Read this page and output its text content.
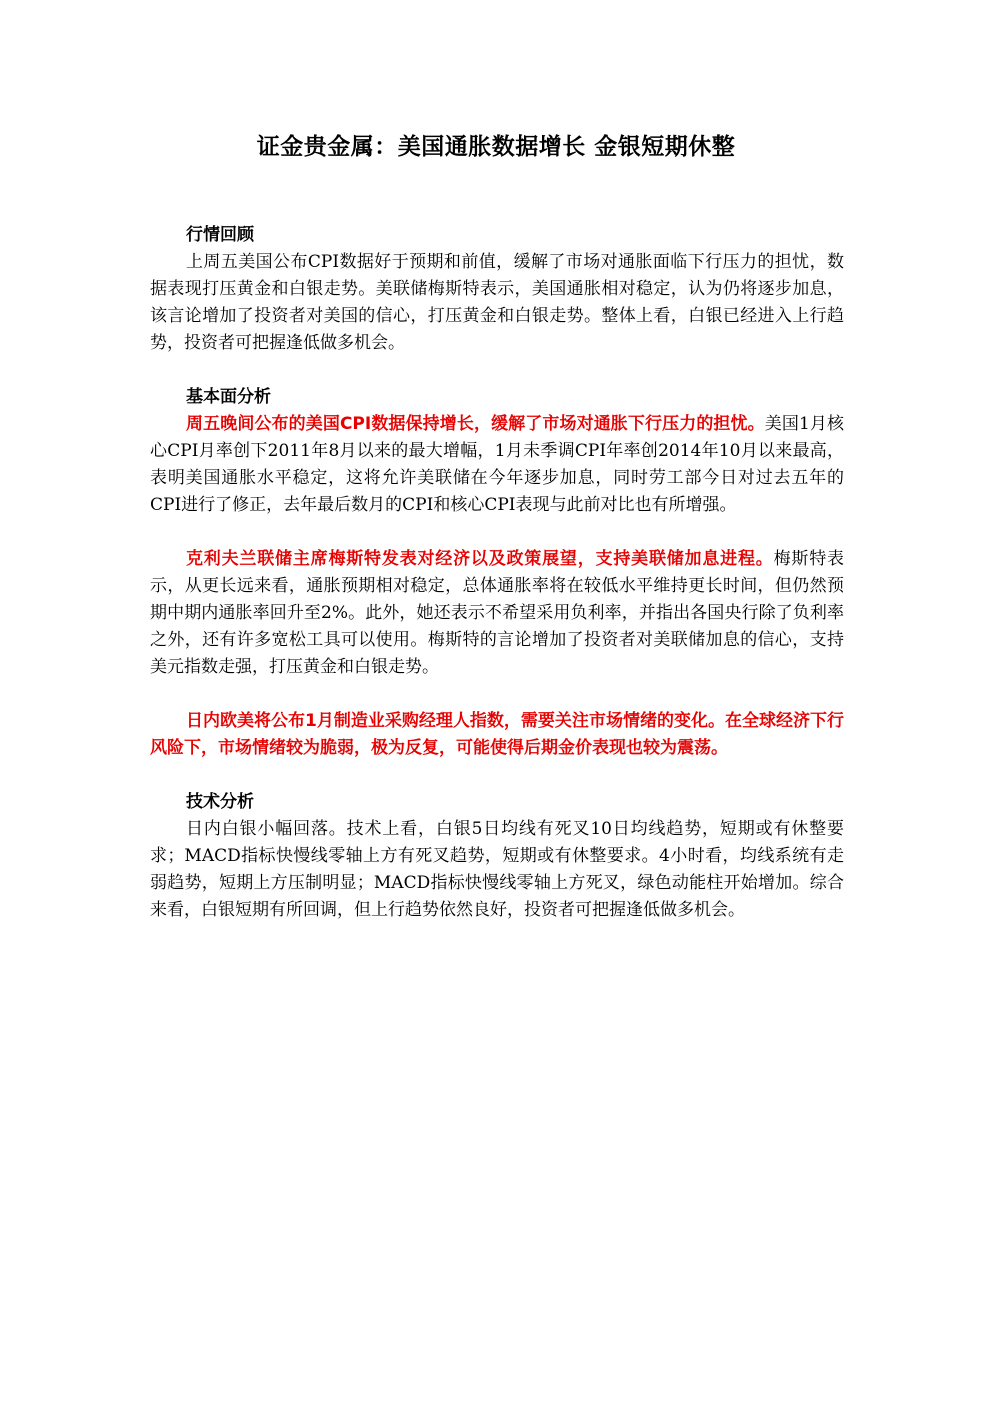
证金贵金属：美国通胀数据增长 金银短期休整
行情回顾

上周五美国公布CPI数据好于预期和前值，缓解了市场对通胀面临下行压力的担忧，数据表现打压黄金和白银走势。美联储梅斯特表示，美国通胀相对稳定，认为仍将逐步加息，该言论增加了投资者对美国的信心，打压黄金和白银走势。整体上看，白银已经进入上行趋势，投资者可把握逢低做多机会。

基本面分析

周五晚间公布的美国CPI数据保持增长，缓解了市场对通胀下行压力的担忧。美国1月核心CPI月率创下2011年8月以来的最大增幅，1月未季调CPI年率创2014年10月以来最高，表明美国通胀水平稳定，这将允许美联储在今年逐步加息，同时劳工部今日对过去五年的CPI进行了修正，去年最后数月的CPI和核心CPI表现与此前对比也有所增强。

克利夫兰联储主席梅斯特发表对经济以及政策展望，支持美联储加息进程。梅斯特表示，从更长远来看，通胀预期相对稳定，总体通胀率将在较低水平维持更长时间，但仍然预期中期内通胀率回升至2%。此外，她还表示不希望采用负利率，并指出各国央行除了负利率之外，还有许多宽松工具可以使用。梅斯特的言论增加了投资者对美联储加息的信心，支持美元指数走强，打压黄金和白银走势。

日内欧美将公布1月制造业采购经理人指数，需要关注市场情绪的变化。在全球经济下行风险下，市场情绪较为脆弱，极为反复，可能使得后期金价表现也较为震荡。

技术分析

日内白银小幅回落。技术上看，白银5日均线有死叉10日均线趋势，短期或有休整要求；MACD指标快慢线零轴上方有死叉趋势，短期或有休整要求。4小时看，均线系统有走弱趋势，短期上方压制明显；MACD指标快慢线零轴上方死叉，绿色动能柱开始增加。综合来看，白银短期有所回调，但上行趋势依然良好，投资者可把握逢低做多机会。
